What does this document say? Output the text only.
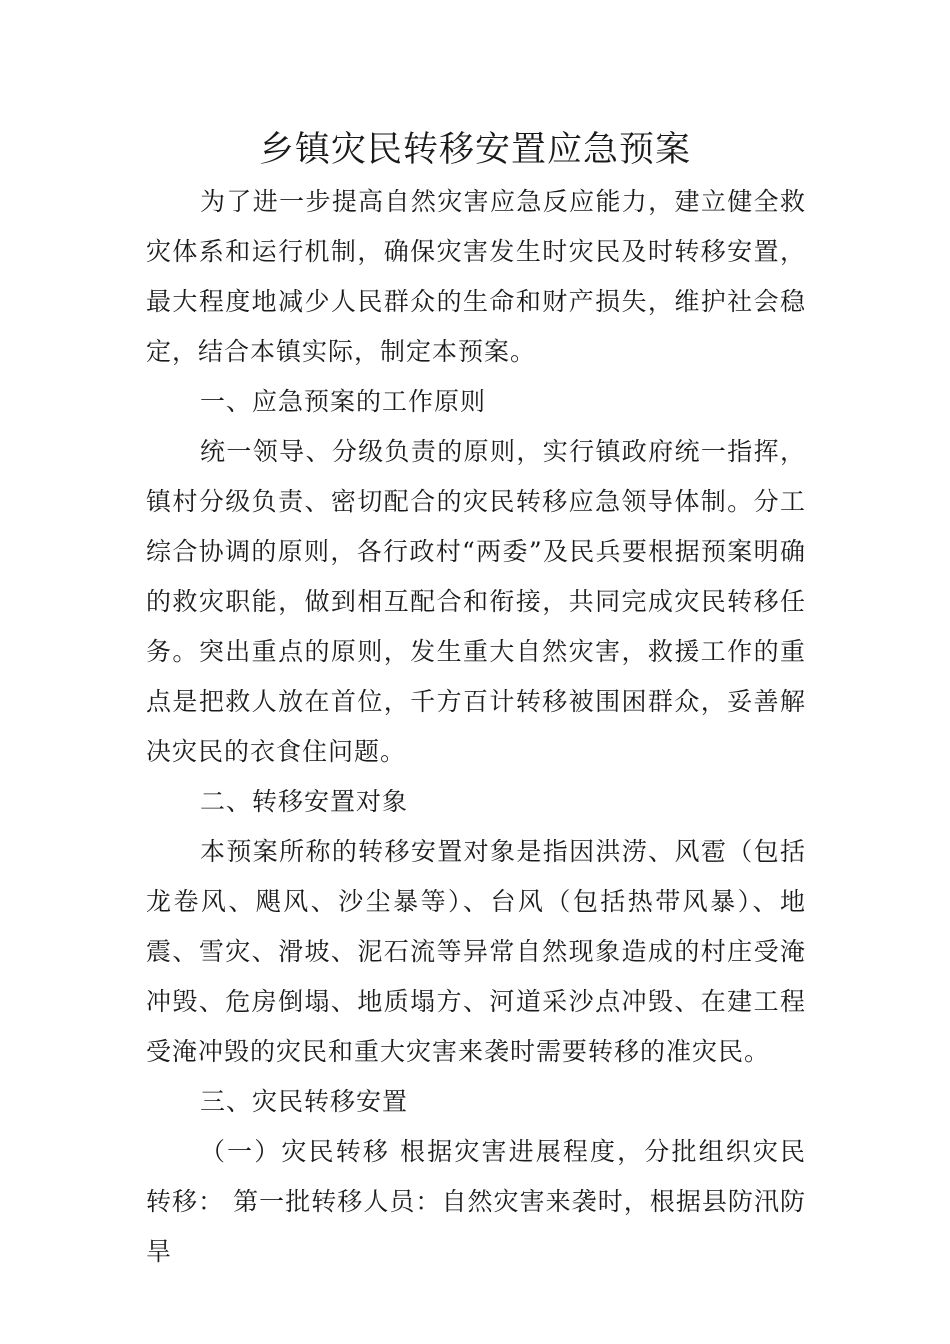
乡镇灾民转移安置应急预案

为了进一步提高自然灾害应急反应能力，建立健全救灾体系和运行机制，确保灾害发生时灾民及时转移安置，最大程度地减少人民群众的生命和财产损失，维护社会稳定，结合本镇实际，制定本预案。

一、应急预案的工作原则

统一领导、分级负责的原则，实行镇政府统一指挥，镇村分级负责、密切配合的灾民转移应急领导体制。分工综合协调的原则，各行政村“两委”及民兵要根据预案明确的救灾职能，做到相互配合和衔接，共同完成灾民转移任务。突出重点的原则，发生重大自然灾害，救援工作的重点是把救人放在首位，千方百计转移被围困群众，妥善解决灾民的衣食住问题。

二、转移安置对象

本预案所称的转移安置对象是指因洪涝、风雹（包括龙卷风、飓风、沙尘暴等）、台风（包括热带风暴）、地震、雪灾、滑坡、泥石流等异常自然现象造成的村庄受淹冲毁、危房倒塌、地质塌方、河道采沙点冲毁、在建工程受淹冲毁的灾民和重大灾害来袭时需要转移的准灾民。

三、灾民转移安置

（一）灾民转移 根据灾害进展程度，分批组织灾民转移： 第一批转移人员：自然灾害来袭时，根据县防汛防旱
